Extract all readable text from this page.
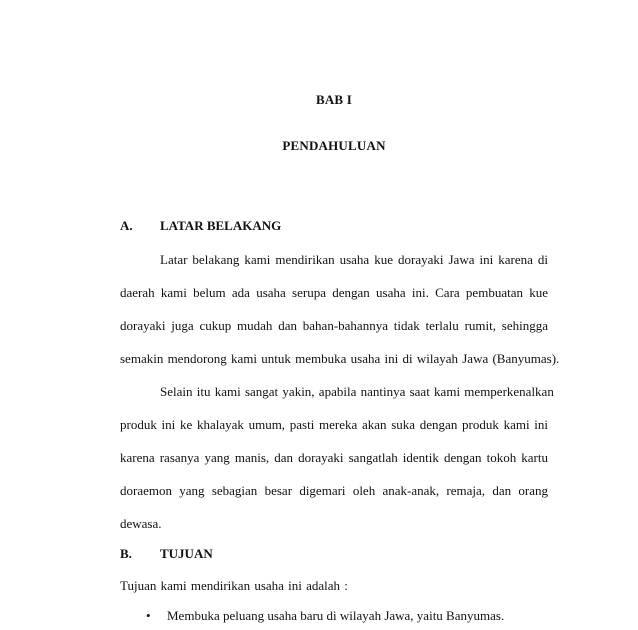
BAB I
PENDAHULUAN
A. LATAR BELAKANG
Latar belakang kami mendirikan usaha kue dorayaki Jawa ini karena di
daerah kami belum ada usaha serupa dengan usaha ini. Cara pembuatan kue
dorayaki juga cukup mudah dan bahan-bahannya tidak terlalu rumit, sehingga
semakin mendorong kami untuk membuka usaha ini di wilayah Jawa (Banyumas).
Selain itu kami sangat yakin, apabila nantinya saat kami memperkenalkan
produk ini ke khalayak umum, pasti mereka akan suka dengan produk kami ini
karena rasanya yang manis, dan dorayaki sangatlah identik dengan tokoh kartu
doraemon yang sebagian besar digemari oleh anak-anak, remaja, dan orang
dewasa.
B. TUJUAN
Tujuan kami mendirikan usaha ini adalah :
• Membuka peluang usaha baru di wilayah Jawa, yaitu Banyumas.
